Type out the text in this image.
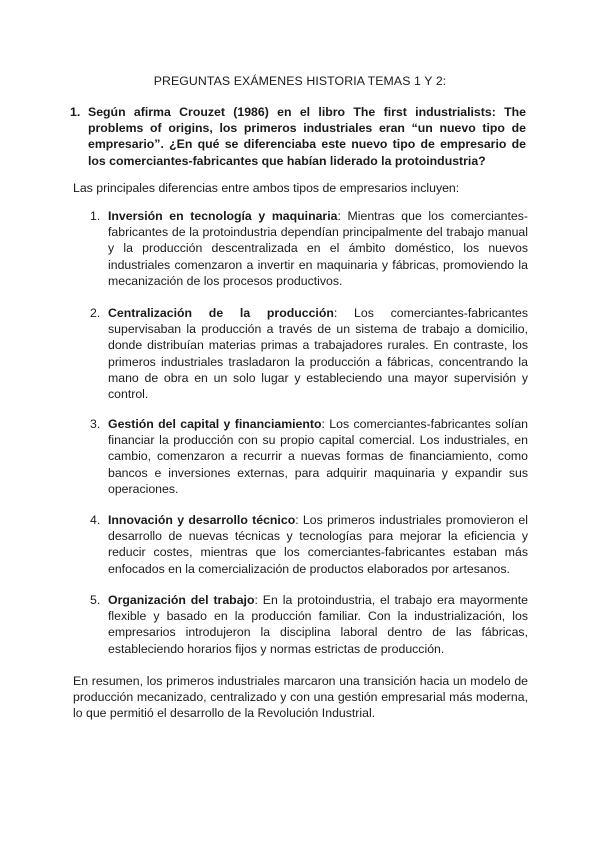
PREGUNTAS EXÁMENES HISTORIA TEMAS 1 Y 2:
1. Según afirma Crouzet (1986) en el libro The first industrialists: The problems of origins, los primeros industriales eran “un nuevo tipo de empresario”. ¿En qué se diferenciaba este nuevo tipo de empresario de los comerciantes-fabricantes que habían liderado la protoindustria?
Las principales diferencias entre ambos tipos de empresarios incluyen:
1. Inversión en tecnología y maquinaria: Mientras que los comerciantes-fabricantes de la protoindustria dependían principalmente del trabajo manual y la producción descentralizada en el ámbito doméstico, los nuevos industriales comenzaron a invertir en maquinaria y fábricas, promoviendo la mecanización de los procesos productivos.
2. Centralización de la producción: Los comerciantes-fabricantes supervisaban la producción a través de un sistema de trabajo a domicilio, donde distribuían materias primas a trabajadores rurales. En contraste, los primeros industriales trasladaron la producción a fábricas, concentrando la mano de obra en un solo lugar y estableciendo una mayor supervisión y control.
3. Gestión del capital y financiamiento: Los comerciantes-fabricantes solían financiar la producción con su propio capital comercial. Los industriales, en cambio, comenzaron a recurrir a nuevas formas de financiamiento, como bancos e inversiones externas, para adquirir maquinaria y expandir sus operaciones.
4. Innovación y desarrollo técnico: Los primeros industriales promovieron el desarrollo de nuevas técnicas y tecnologías para mejorar la eficiencia y reducir costes, mientras que los comerciantes-fabricantes estaban más enfocados en la comercialización de productos elaborados por artesanos.
5. Organización del trabajo: En la protoindustria, el trabajo era mayormente flexible y basado en la producción familiar. Con la industrialización, los empresarios introdujeron la disciplina laboral dentro de las fábricas, estableciendo horarios fijos y normas estrictas de producción.
En resumen, los primeros industriales marcaron una transición hacia un modelo de producción mecanizado, centralizado y con una gestión empresarial más moderna, lo que permitió el desarrollo de la Revolución Industrial.
